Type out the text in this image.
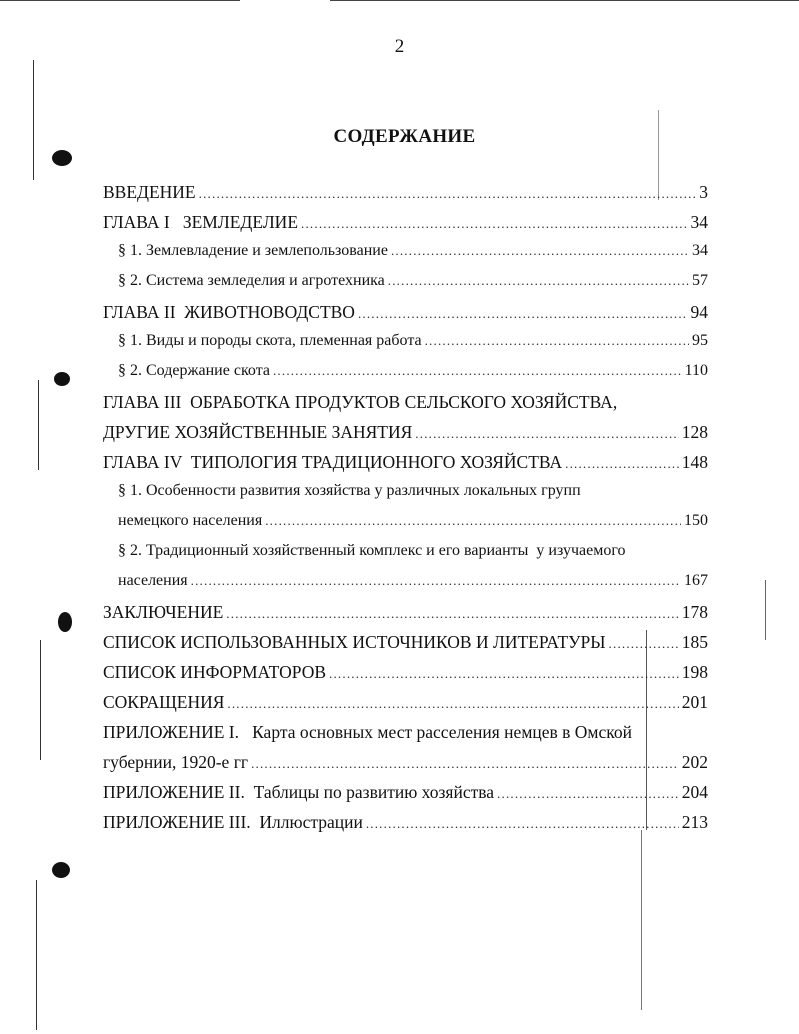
2
СОДЕРЖАНИЕ
ВВЕДЕНИЕ .....	3
ГЛАВА I   ЗЕМЛЕДЕЛИЕ .....	34
§ 1. Землевладение и землепользование .....	34
§ 2. Система земледелия и агротехника .....	57
ГЛАВА II  ЖИВОТНОВОДСТВО .....	94
§ 1. Виды и породы скота, племенная работа .....	95
§ 2. Содержание скота .....	110
ГЛАВА III  ОБРАБОТКА ПРОДУКТОВ СЕЛЬСКОГО ХОЗЯЙСТВА,
ДРУГИЕ ХОЗЯЙСТВЕННЫЕ ЗАНЯТИЯ .....	128
ГЛАВА IV  ТИПОЛОГИЯ ТРАДИЦИОННОГО ХОЗЯЙСТВА .....	148
§ 1. Особенности развития хозяйства у различных локальных групп
немецкого населения .....	150
§ 2. Традиционный хозяйственный комплекс и его варианты  у изучаемого
населения .....	167
ЗАКЛЮЧЕНИЕ .....	178
СПИСОК ИСПОЛЬЗОВАННЫХ ИСТОЧНИКОВ И ЛИТЕРАТУРЫ .....	185
СПИСОК ИНФОРМАТОРОВ .....	198
СОКРАЩЕНИЯ .....	201
ПРИЛОЖЕНИЕ I.   Карта основных мест расселения немцев в Омской
губернии, 1920-е гг .....	202
ПРИЛОЖЕНИЕ II.  Таблицы по развитию хозяйства .....	204
ПРИЛОЖЕНИЕ III.  Иллюстрации .....	213
